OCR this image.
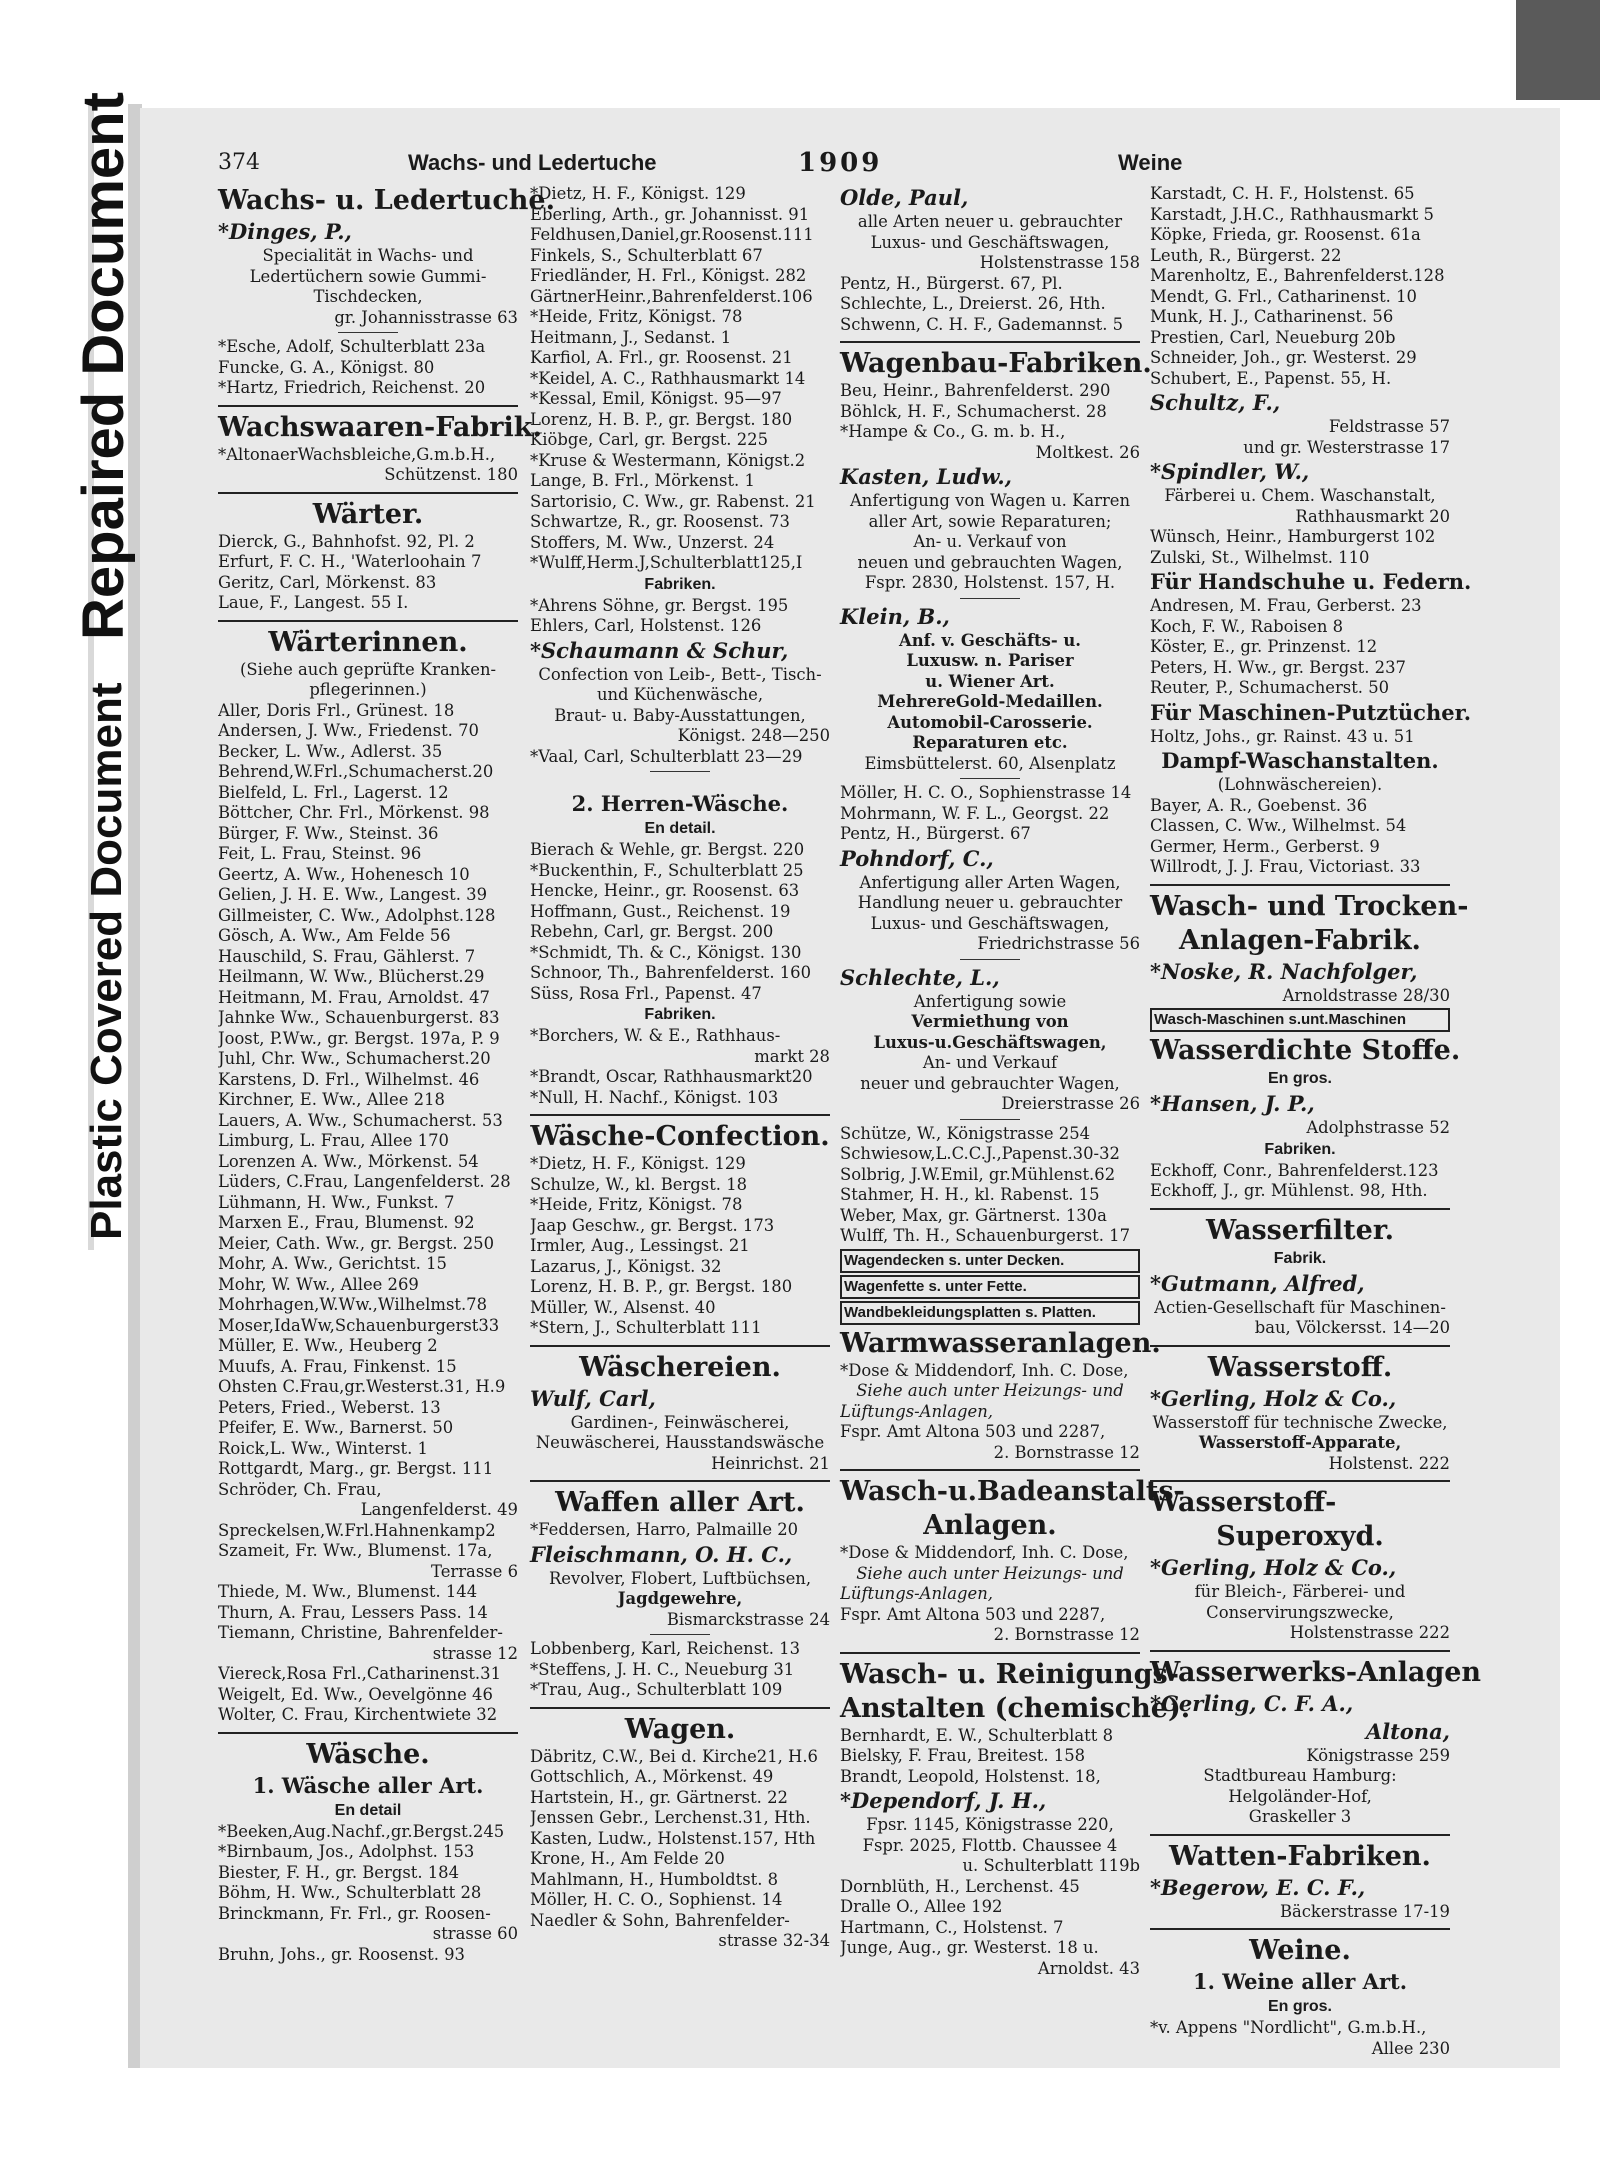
Repaired Document
Plastic Covered Document
374	Wachs- und Ledertuche	1909	Weine
Wachs- u. Ledertuche.
*Dinges, P.,
Specialität in Wachs- und
Ledertüchern sowie Gummi-
Tischdecken,
gr. Johannisstrasse 63
*Esche, Adolf, Schulterblatt 23a
Funcke, G. A., Königst. 80
*Hartz, Friedrich, Reichenst. 20
Wachswaaren-Fabrik.
*AltonaerWachsbleiche,G.m.b.H.,
Schützenst. 180
Wärter.
Dierck, G., Bahnhofst. 92, Pl. 2
Erfurt, F. C. H., 'Waterloohain 7
Geritz, Carl, Mörkenst. 83
Laue, F., Langest. 55 I.
Wärterinnen.
(Siehe auch geprüfte Kranken-
pflegerinnen.)
Aller, Doris Frl., Grünest. 18
Andersen, J. Ww., Friedenst. 70
Becker, L. Ww., Adlerst. 35
Behrend,W.Frl.,Schumacherst.20
Bielfeld, L. Frl., Lagerst. 12
Böttcher, Chr. Frl., Mörkenst. 98
Bürger, F. Ww., Steinst. 36
Feit, L. Frau, Steinst. 96
Geertz, A. Ww., Hohenesch 10
Gelien, J. H. E. Ww., Langest. 39
Gillmeister, C. Ww., Adolphst.128
Gösch, A. Ww., Am Felde 56
Hauschild, S. Frau, Gählerst. 7
Heilmann, W. Ww., Blücherst.29
Heitmann, M. Frau, Arnoldst. 47
Jahnke Ww., Schauenburgerst. 83
Joost, P.Ww., gr. Bergst. 197a, P. 9
Juhl, Chr. Ww., Schumacherst.20
Karstens, D. Frl., Wilhelmst. 46
Kirchner, E. Ww., Allee 218
Lauers, A. Ww., Schumacherst. 53
Limburg, L. Frau, Allee 170
Lorenzen A. Ww., Mörkenst. 54
Lüders, C.Frau, Langenfelderst. 28
Lühmann, H. Ww., Funkst. 7
Marxen E., Frau, Blumenst. 92
Meier, Cath. Ww., gr. Bergst. 250
Mohr, A. Ww., Gerichtst. 15
Mohr, W. Ww., Allee 269
Mohrhagen,W.Ww.,Wilhelmst.78
Moser,IdaWw,Schauenburgerst33
Müller, E. Ww., Heuberg 2
Muufs, A. Frau, Finkenst. 15
Ohsten C.Frau,gr.Westerst.31, H.9
Peters, Fried., Weberst. 13
Pfeifer, E. Ww., Barnerst. 50
Roick,L. Ww., Winterst. 1
Rottgardt, Marg., gr. Bergst. 111
Schröder, Ch. Frau,
Langenfelderst. 49
Spreckelsen,W.Frl.Hahnenkamp2
Szameit, Fr. Ww., Blumenst. 17a,
Terrasse 6
Thiede, M. Ww., Blumenst. 144
Thurn, A. Frau, Lessers Pass. 14
Tiemann, Christine, Bahrenfelder-
strasse 12
Viereck,Rosa Frl.,Catharinenst.31
Weigelt, Ed. Ww., Oevelgönne 46
Wolter, C. Frau, Kirchentwiete 32
Wäsche.
1. Wäsche aller Art.
En detail
*Beeken,Aug.Nachf.,gr.Bergst.245
*Birnbaum, Jos., Adolphst. 153
Biester, F. H., gr. Bergst. 184
Böhm, H. Ww., Schulterblatt 28
Brinckmann, Fr. Frl., gr. Roosen-
strasse 60
Bruhn, Johs., gr. Roosenst. 93
*Dietz, H. F., Königst. 129
Eberling, Arth., gr. Johannisst. 91
Feldhusen,Daniel,gr.Roosenst.111
Finkels, S., Schulterblatt 67
Friedländer, H. Frl., Königst. 282
GärtnerHeinr.,Bahrenfelderst.106
*Heide, Fritz, Königst. 78
Heitmann, J., Sedanst. 1
Karfiol, A. Frl., gr. Roosenst. 21
*Keidel, A. C., Rathhausmarkt 14
*Kessal, Emil, Königst. 95—97
Lorenz, H. B. P., gr. Bergst. 180
Kiöbge, Carl, gr. Bergst. 225
*Kruse & Westermann, Königst.2
Lange, B. Frl., Mörkenst. 1
Sartorisio, C. Ww., gr. Rabenst. 21
Schwartze, R., gr. Roosenst. 73
Stoffers, M. Ww., Unzerst. 24
*Wulff,Herm.J,Schulterblatt125,I
Fabriken.
*Ahrens Söhne, gr. Bergst. 195
Ehlers, Carl, Holstenst. 126
*Schaumann & Schur,
Confection von Leib-, Bett-, Tisch-
und Küchenwäsche,
Braut- u. Baby-Ausstattungen,
Königst. 248—250
*Vaal, Carl, Schulterblatt 23—29
2. Herren-Wäsche.
En detail.
Bierach & Wehle, gr. Bergst. 220
*Buckenthin, F., Schulterblatt 25
Hencke, Heinr., gr. Roosenst. 63
Hoffmann, Gust., Reichenst. 19
Rebehn, Carl, gr. Bergst. 200
*Schmidt, Th. & C., Königst. 130
Schnoor, Th., Bahrenfelderst. 160
Süss, Rosa Frl., Papenst. 47
Fabriken.
*Borchers, W. & E., Rathhaus-
markt 28
*Brandt, Oscar, Rathhausmarkt20
*Null, H. Nachf., Königst. 103
Wäsche-Confection.
*Dietz, H. F., Königst. 129
Schulze, W., kl. Bergst. 18
*Heide, Fritz, Königst. 78
Jaap Geschw., gr. Bergst. 173
Irmler, Aug., Lessingst. 21
Lazarus, J., Königst. 32
Lorenz, H. B. P., gr. Bergst. 180
Müller, W., Alsenst. 40
*Stern, J., Schulterblatt 111
Wäschereien.
Wulf, Carl,
Gardinen-, Feinwäscherei,
Neuwäscherei, Hausstandswäsche
Heinrichst. 21
Waffen aller Art.
*Feddersen, Harro, Palmaille 20
Fleischmann, O. H. C.,
Revolver, Flobert, Luftbüchsen,
Jagdgewehre,
Bismarckstrasse 24
Lobbenberg, Karl, Reichenst. 13
*Steffens, J. H. C., Neueburg 31
*Trau, Aug., Schulterblatt 109
Wagen.
Däbritz, C.W., Bei d. Kirche21, H.6
Gottschlich, A., Mörkenst. 49
Hartstein, H., gr. Gärtnerst. 22
Jenssen Gebr., Lerchenst.31, Hth.
Kasten, Ludw., Holstenst.157, Hth
Krone, H., Am Felde 20
Mahlmann, H., Humboldtst. 8
Möller, H. C. O., Sophienst. 14
Naedler & Sohn, Bahrenfelder-
strasse 32-34
Olde, Paul,
alle Arten neuer u. gebrauchter
Luxus- und Geschäftswagen,
Holstenstrasse 158
Pentz, H., Bürgerst. 67, Pl.
Schlechte, L., Dreierst. 26, Hth.
Schwenn, C. H. F., Gademannst. 5
Wagenbau-Fabriken.
Beu, Heinr., Bahrenfelderst. 290
Böhlck, H. F., Schumacherst. 28
*Hampe & Co., G. m. b. H.,
Moltkest. 26
Kasten, Ludw.,
Anfertigung von Wagen u. Karren
aller Art, sowie Reparaturen;
An- u. Verkauf von
neuen und gebrauchten Wagen,
Fspr. 2830, Holstenst. 157, H.
Klein, B.,
Anf. v. Geschäfts- u.
Luxusw. n. Pariser
u. Wiener Art.
MehrereGold-Medaillen.
Automobil-Carosserie.
Reparaturen etc.
Eimsbüttelerst. 60, Alsenplatz
Möller, H. C. O., Sophienstrasse 14
Mohrmann, W. F. L., Georgst. 22
Pentz, H., Bürgerst. 67
Pohndorf, C.,
Anfertigung aller Arten Wagen,
Handlung neuer u. gebrauchter
Luxus- und Geschäftswagen,
Friedrichstrasse 56
Schlechte, L.,
Anfertigung sowie
Vermiethung von
Luxus-u.Geschäftswagen,
An- und Verkauf
neuer und gebrauchter Wagen,
Dreierstrasse 26
Schütze, W., Königstrasse 254
Schwiesow,L.C.C.J.,Papenst.30-32
Solbrig, J.W.Emil, gr.Mühlenst.62
Stahmer, H. H., kl. Rabenst. 15
Weber, Max, gr. Gärtnerst. 130a
Wulff, Th. H., Schauenburgerst. 17
Wagendecken s. unter Decken.
Wagenfette s. unter Fette.
Wandbekleidungsplatten s. Platten.
Warmwasseranlagen.
*Dose & Middendorf, Inh. C. Dose,
Siehe auch unter Heizungs- und
Lüftungs-Anlagen,
Fspr. Amt Altona 503 und 2287,
2. Bornstrasse 12
Wasch-u.Badeanstalts-
Anlagen.
*Dose & Middendorf, Inh. C. Dose,
Siehe auch unter Heizungs- und
Lüftungs-Anlagen,
Fspr. Amt Altona 503 und 2287,
2. Bornstrasse 12
Wasch- u. Reinigungs-
Anstalten (chemische).
Bernhardt, E. W., Schulterblatt 8
Bielsky, F. Frau, Breitest. 158
Brandt, Leopold, Holstenst. 18,
*Dependorf, J. H.,
Fpsr. 1145, Königstrasse 220,
Fspr. 2025, Flottb. Chaussee 4
u. Schulterblatt 119b
Dornblüth, H., Lerchenst. 45
Dralle O., Allee 192
Hartmann, C., Holstenst. 7
Junge, Aug., gr. Westerst. 18 u.
Arnoldst. 43
Karstadt, C. H. F., Holstenst. 65
Karstadt, J.H.C., Rathhausmarkt 5
Köpke, Frieda, gr. Roosenst. 61a
Leuth, R., Bürgerst. 22
Marenholtz, E., Bahrenfelderst.128
Mendt, G. Frl., Catharinenst. 10
Munk, H. J., Catharinenst. 56
Prestien, Carl, Neueburg 20b
Schneider, Joh., gr. Westerst. 29
Schubert, E., Papenst. 55, H.
Schultz, F.,
Feldstrasse 57
und gr. Westerstrasse 17
*Spindler, W.,
Färberei u. Chem. Waschanstalt,
Rathhausmarkt 20
Wünsch, Heinr., Hamburgerst 102
Zulski, St., Wilhelmst. 110
Für Handschuhe u. Federn.
Andresen, M. Frau, Gerberst. 23
Koch, F. W., Raboisen 8
Köster, E., gr. Prinzenst. 12
Peters, H. Ww., gr. Bergst. 237
Reuter, P., Schumacherst. 50
Für Maschinen-Putztücher.
Holtz, Johs., gr. Rainst. 43 u. 51
Dampf-Waschanstalten.
(Lohnwäschereien).
Bayer, A. R., Goebenst. 36
Classen, C. Ww., Wilhelmst. 54
Germer, Herm., Gerberst. 9
Willrodt, J. J. Frau, Victoriast. 33
Wasch- und Trocken-
Anlagen-Fabrik.
*Noske, R. Nachfolger,
Arnoldstrasse 28/30
Wasch-Maschinen s.unt.Maschinen
Wasserdichte Stoffe.
En gros.
*Hansen, J. P.,
Adolphstrasse 52
Fabriken.
Eckhoff, Conr., Bahrenfelderst.123
Eckhoff, J., gr. Mühlenst. 98, Hth.
Wasserfilter.
Fabrik.
*Gutmann, Alfred,
Actien-Gesellschaft für Maschinen-
bau, Völckersst. 14—20
Wasserstoff.
*Gerling, Holz & Co.,
Wasserstoff für technische Zwecke,
Wasserstoff-Apparate,
Holstenst. 222
Wasserstoff-
Superoxyd.
*Gerling, Holz & Co.,
für Bleich-, Färberei- und
Conservirungszwecke,
Holstenstrasse 222
Wasserwerks-Anlagen
*Gerling, C. F. A.,
Altona,
Königstrasse 259
Stadtbureau Hamburg:
Helgoländer-Hof,
Graskeller 3
Watten-Fabriken.
*Begerow, E. C. F.,
Bäckerstrasse 17-19
Weine.
1. Weine aller Art.
En gros.
*v. Appens "Nordlicht", G.m.b.H.,
Allee 230
